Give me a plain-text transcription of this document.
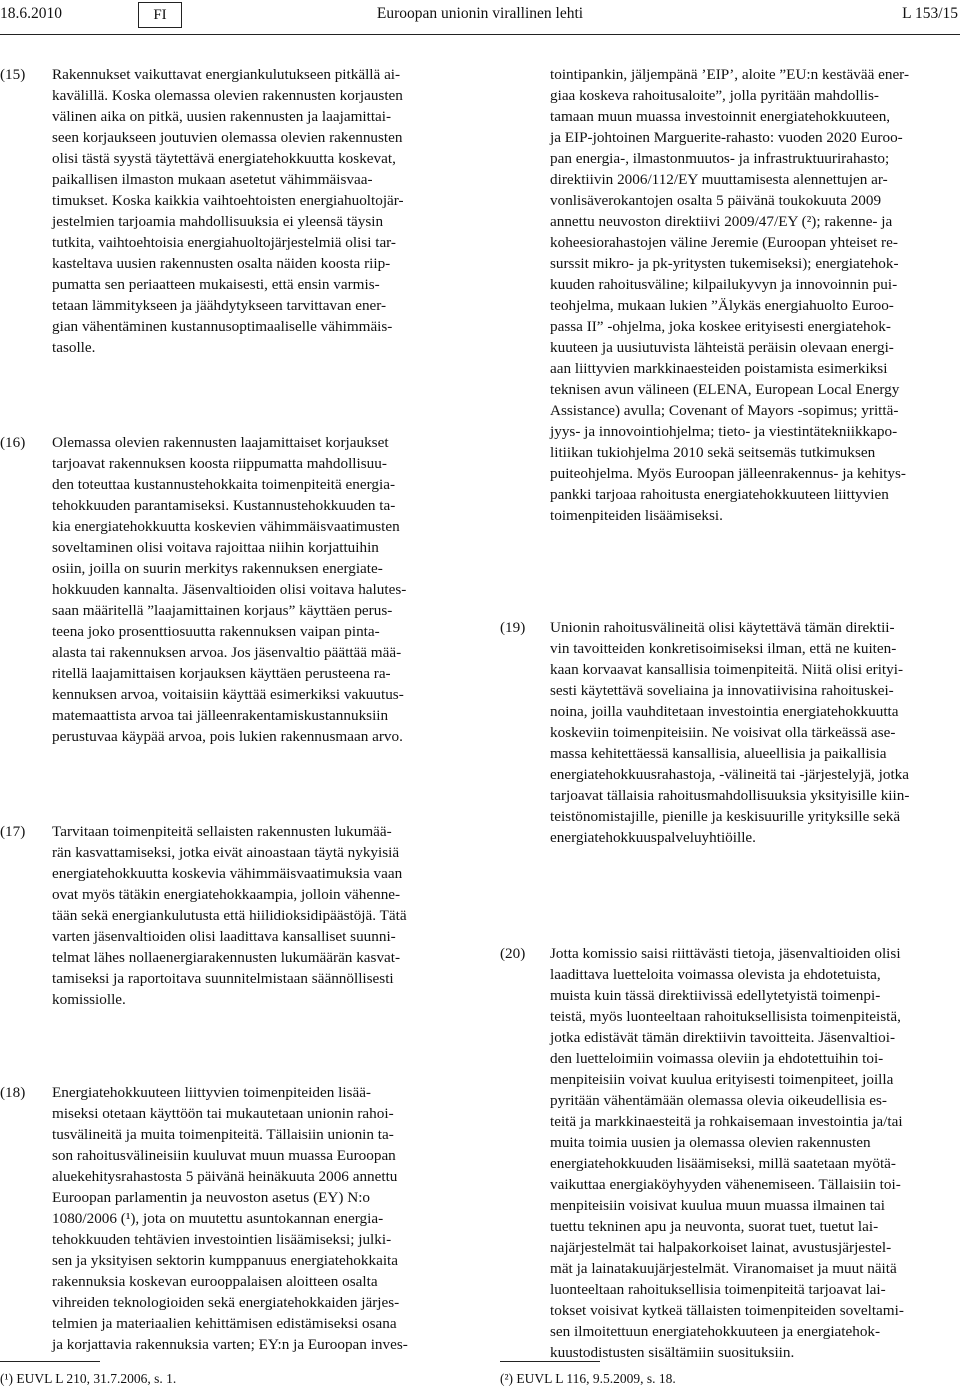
18.6.2010	FI	Euroopan unionin virallinen lehti	L 153/15
(15) Rakennukset vaikuttavat energiankulutukseen pitkällä ai-
kavälillä. Koska olemassa olevien rakennusten korjausten
välinen aika on pitkä, uusien rakennusten ja laajamittai-
seen korjaukseen joutuvien olemassa olevien rakennusten
olisi tästä syystä täytettävä energiatehokkuutta koskevat,
paikallisen ilmaston mukaan asetetut vähimmäisvaa-
timukset. Koska kaikkia vaihtoehtoisten energiahuoltojär-
jestelmien tarjoamia mahdollisuuksia ei yleensä täysin
tutkita, vaihtoehtoisia energiahuoltojärjestelmiä olisi tar-
kasteltava uusien rakennusten osalta näiden koosta riip-
pumatta sen periaatteen mukaisesti, että ensin varmis-
tetaan lämmitykseen ja jäähdytykseen tarvittavan ener-
gian vähentäminen kustannusoptimaaliselle vähimmäis-
tasolle.
(16) Olemassa olevien rakennusten laajamittaiset korjaukset
tarjoavat rakennuksen koosta riippumatta mahdollisuu-
den toteuttaa kustannustehokkaita toimenpiteitä energia-
tehokkuuden parantamiseksi. Kustannustehokkuuden ta-
kia energiatehokkuutta koskevien vähimmäisvaatimusten
soveltaminen olisi voitava rajoittaa niihin korjattuihin
osiin, joilla on suurin merkitys rakennuksen energiate-
hokkuuden kannalta. Jäsenvaltioiden olisi voitava halutes-
saan määritellä ”laajamittainen korjaus” käyttäen perus-
teena joko prosenttiosuutta rakennuksen vaipan pinta-
alasta tai rakennuksen arvoa. Jos jäsenvaltio päättää mää-
ritellä laajamittaisen korjauksen käyttäen perusteena ra-
kennuksen arvoa, voitaisiin käyttää esimerkiksi vakuutus-
matemaattista arvoa tai jälleenrakentamiskustannuksiin
perustuvaa käypää arvoa, pois lukien rakennusmaan arvo.
(17) Tarvitaan toimenpiteitä sellaisten rakennusten lukumää-
rän kasvattamiseksi, jotka eivät ainoastaan täytä nykyisiä
energiatehokkuutta koskevia vähimmäisvaatimuksia vaan
ovat myös tätäkin energiatehokkaampia, jolloin vähenne-
tään sekä energiankulutusta että hiilidioksidipäästöjä. Tätä
varten jäsenvaltioiden olisi laadittava kansalliset suunni-
telmat lähes nollaenergiarakennusten lukumäärän kasvat-
tamiseksi ja raportoitava suunnitelmistaan säännöllisesti
komissiolle.
(18) Energiatehokkuuteen liittyvien toimenpiteiden lisää-
miseksi otetaan käyttöön tai mukautetaan unionin rahoi-
tusvälineitä ja muita toimenpiteitä. Tällaisiin unionin ta-
son rahoitusvälineisiin kuuluvat muun muassa Euroopan
aluekehitysrahastosta 5 päivänä heinäkuuta 2006 annettu
Euroopan parlamentin ja neuvoston asetus (EY) N:o
1080/2006 (¹), jota on muutettu asuntokannan energia-
tehokkuuden tehtävien investointien lisäämiseksi; julki-
sen ja yksityisen sektorin kumppanuus energiatehokkaita
rakennuksia koskevan eurooppalaisen aloitteen osalta
vihreiden teknologioiden sekä energiatehokkaiden järjes-
telmien ja materiaalien kehittämisen edistämiseksi osana
ja korjattavia rakennuksia varten; EY:n ja Euroopan inves-
tointipankin, jäljempänä ’EIP’, aloite ”EU:n kestävää ener-
giaa koskeva rahoitusaloite”, jolla pyritään mahdollis-
tamaan muun muassa investoinnit energiatehokkuuteen,
ja EIP-johtoinen Marguerite-rahasto: vuoden 2020 Euroo-
pan energia-, ilmastonmuutos- ja infrastruktuurirahasto;
direktiivin 2006/112/EY muuttamisesta alennettujen ar-
vonlisäverokantojen osalta 5 päivänä toukokuuta 2009
annettu neuvoston direktiivi 2009/47/EY (²); rakenne- ja
koheesiorahastojen väline Jeremie (Euroopan yhteiset re-
surssit mikro- ja pk-yritysten tukemiseksi); energiatehok-
kuuden rahoitusväline; kilpailukyvyn ja innovoinnin pui-
teohjelma, mukaan lukien ”Älykäs energiahuolto Euroo-
passa II” -ohjelma, joka koskee erityisesti energiatehok-
kuuteen ja uusiutuvista lähteistä peräisin olevaan energi-
aan liittyvien markkinaesteiden poistamista esimerkiksi
teknisen avun välineen (ELENA, European Local Energy
Assistance) avulla; Covenant of Mayors -sopimus; yrittä-
jyys- ja innovointiohjelma; tieto- ja viestintätekniikkapo-
litiikan tukiohjelma 2010 sekä seitsemäs tutkimuksen
puiteohjelma. Myös Euroopan jälleenrakennus- ja kehitys-
pankki tarjoaa rahoitusta energiatehokkuuteen liittyvien
toimenpiteiden lisäämiseksi.
(19) Unionin rahoitusvälineitä olisi käytettävä tämän direktii-
vin tavoitteiden konkretisoimiseksi ilman, että ne kuiten-
kaan korvaavat kansallisia toimenpiteitä. Niitä olisi erityi-
sesti käytettävä soveliaina ja innovatiivisina rahoituskei-
noina, joilla vauhditetaan investointia energiatehokkuutta
koskeviin toimenpiteisiin. Ne voisivat olla tärkeässä ase-
massa kehitettäessä kansallisia, alueellisia ja paikallisia
energiatehokkuusrahastoja, -välineitä tai -järjestelyjä, jotka
tarjoavat tällaisia rahoitusmahdollisuuksia yksityisille kiin-
teistönomistajille, pienille ja keskisuurille yrityksille sekä
energiatehokkuuspalveluyhtiöille.
(20) Jotta komissio saisi riittävästi tietoja, jäsenvaltioiden olisi
laadittava luetteloita voimassa olevista ja ehdotetuista,
muista kuin tässä direktiivissä edellytetyistä toimenpi-
teistä, myös luonteeltaan rahoituksellisista toimenpiteistä,
jotka edistävät tämän direktiivin tavoitteita. Jäsenvaltioi-
den luetteloimiin voimassa oleviin ja ehdotettuihin toi-
menpiteisiin voivat kuulua erityisesti toimenpiteet, joilla
pyritään vähentämään olemassa olevia oikeudellisia es-
teitä ja markkinaesteitä ja rohkaisemaan investointia ja/tai
muita toimia uusien ja olemassa olevien rakennusten
energiatehokkuuden lisäämiseksi, millä saatetaan myötä-
vaikuttaa energiaköyhyyden vähenemiseen. Tällaisiin toi-
menpiteisiin voisivat kuulua muun muassa ilmainen tai
tuettu tekninen apu ja neuvonta, suorat tuet, tuetut lai-
najärjestelmät tai halpakorkoiset lainat, avustusjärjestel-
mät ja lainatakuujärjestelmät. Viranomaiset ja muut näitä
luonteeltaan rahoituksellisia toimenpiteitä tarjoavat lai-
tokset voisivat kytkeä tällaisten toimenpiteiden soveltami-
sen ilmoitettuun energiatehokkuuteen ja energiatehok-
kuustodistusten sisältämiin suosituksiin.
(¹) EUVL L 210, 31.7.2006, s. 1.	(²) EUVL L 116, 9.5.2009, s. 18.
